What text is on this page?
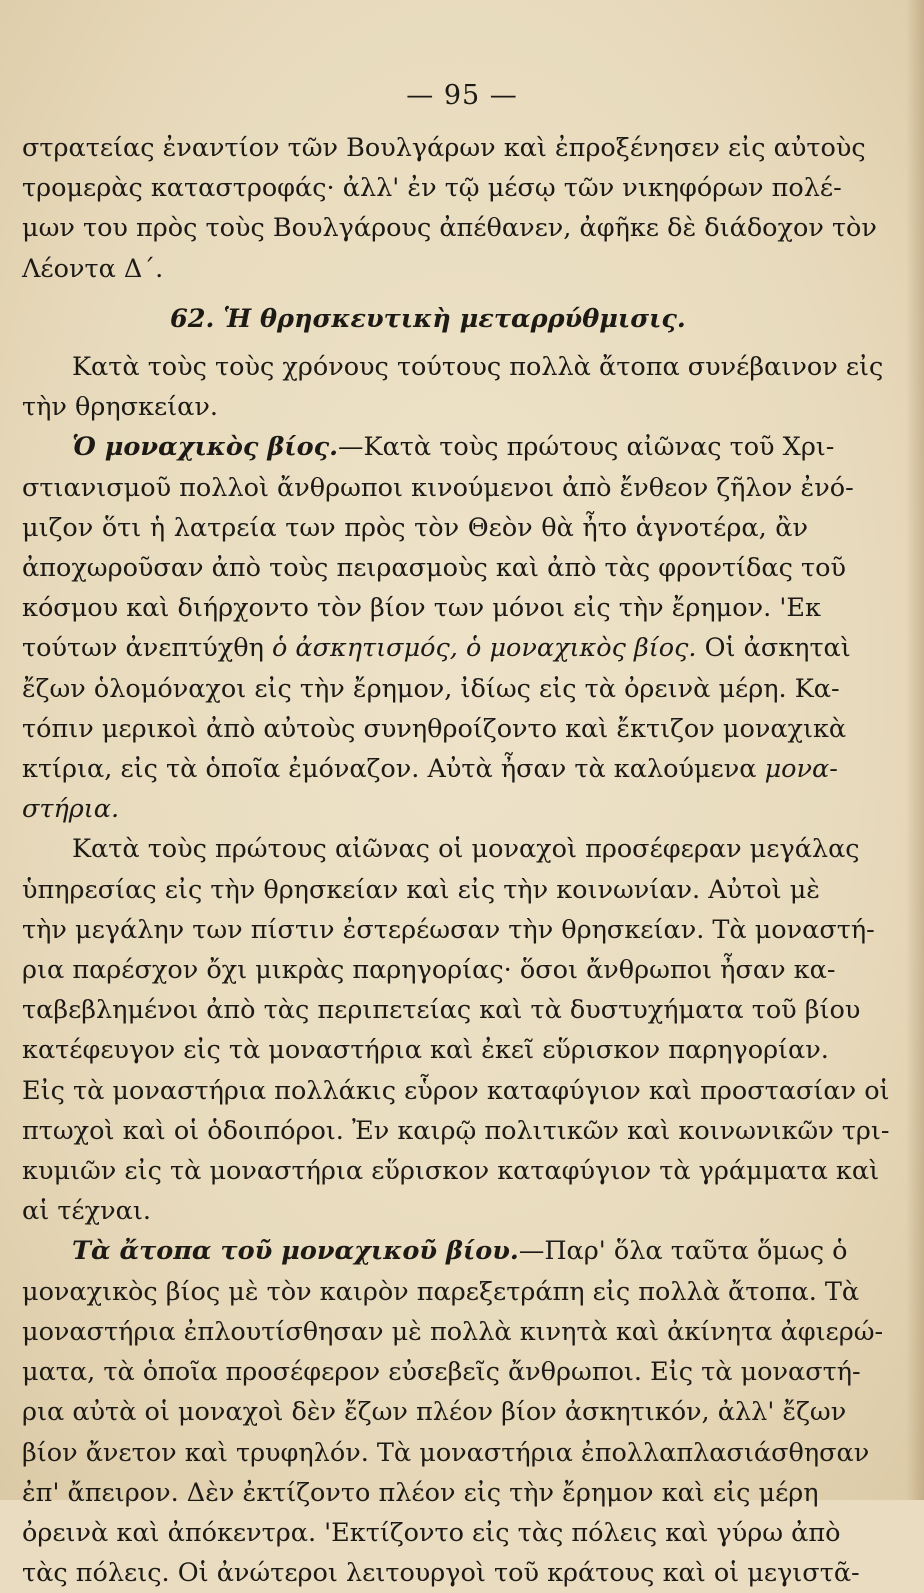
— 95 —
στρατείας ἐναντίον τῶν Βουλγάρων καὶ ἐπροξένησεν εἰς αὐτοὺς
τρομερὰς καταστροφάς· ἀλλ' ἐν τῷ μέσῳ τῶν νικηφόρων πολέ-
μων του πρὸς τοὺς Βουλγάρους ἀπέθανεν, ἀφῆκε δὲ διάδοχον τὸν
Λέοντα Δ΄.
62. Ἡ θρησκευτικὴ μεταρρύθμισις.
Κατὰ τοὺς τοὺς χρόνους τούτους πολλὰ ἄτοπα συνέβαινον εἰς
τὴν θρησκείαν.
Ὁ μοναχικὸς βίος.—Κατὰ τοὺς πρώτους αἰῶνας τοῦ Χρι-
στιανισμοῦ πολλοὶ ἄνθρωποι κινούμενοι ἀπὸ ἔνθεον ζῆλον ἐνό-
μιζον ὅτι ἡ λατρεία των πρὸς τὸν Θεὸν θὰ ἦτο ἁγνοτέρα, ἂν
ἀποχωροῦσαν ἀπὸ τοὺς πειρασμοὺς καὶ ἀπὸ τὰς φροντίδας τοῦ
κόσμου καὶ διήρχοντο τὸν βίον των μόνοι εἰς τὴν ἔρημον. 'Εκ
τούτων ἀνεπτύχθη ὁ ἀσκητισμός, ὁ μοναχικὸς βίος. Οἱ ἀσκηταὶ
ἔζων ὁλομόναχοι εἰς τὴν ἔρημον, ἰδίως εἰς τὰ ὀρεινὰ μέρη. Κα-
τόπιν μερικοὶ ἀπὸ αὐτοὺς συνηθροίζοντο καὶ ἔκτιζον μοναχικὰ
κτίρια, εἰς τὰ ὁποῖα ἐμόναζον. Αὐτὰ ἦσαν τὰ καλούμενα μονα-
στήρια.
Κατὰ τοὺς πρώτους αἰῶνας οἱ μοναχοὶ προσέφεραν μεγάλας
ὑπηρεσίας εἰς τὴν θρησκείαν καὶ εἰς τὴν κοινωνίαν. Αὐτοὶ μὲ
τὴν μεγάλην των πίστιν ἐστερέωσαν τὴν θρησκείαν. Τὰ μοναστή-
ρια παρέσχον ὄχι μικρὰς παρηγορίας· ὅσοι ἄνθρωποι ἦσαν κα-
ταβεβλημένοι ἀπὸ τὰς περιπετείας καὶ τὰ δυστυχήματα τοῦ βίου
κατέφευγον εἰς τὰ μοναστήρια καὶ ἐκεῖ εὕρισκον παρηγορίαν.
Εἰς τὰ μοναστήρια πολλάκις εὗρον καταφύγιον καὶ προστασίαν οἱ
πτωχοὶ καὶ οἱ ὁδοιπόροι. Ἐν καιρῷ πολιτικῶν καὶ κοινωνικῶν τρι-
κυμιῶν εἰς τὰ μοναστήρια εὕρισκον καταφύγιον τὰ γράμματα καὶ
αἱ τέχναι.
Τὰ ἄτοπα τοῦ μοναχικοῦ βίου.—Παρ' ὅλα ταῦτα ὅμως ὁ
μοναχικὸς βίος μὲ τὸν καιρὸν παρεξετράπη εἰς πολλὰ ἄτοπα. Τὰ
μοναστήρια ἐπλουτίσθησαν μὲ πολλὰ κινητὰ καὶ ἀκίνητα ἀφιερώ-
ματα, τὰ ὁποῖα προσέφερον εὐσεβεῖς ἄνθρωποι. Εἰς τὰ μοναστή-
ρια αὐτὰ οἱ μοναχοὶ δὲν ἔζων πλέον βίον ἀσκητικόν, ἀλλ' ἔζων
βίον ἄνετον καὶ τρυφηλόν. Τὰ μοναστήρια ἐπολλαπλασιάσθησαν
ἐπ' ἄπειρον. Δὲν ἐκτίζοντο πλέον εἰς τὴν ἔρημον καὶ εἰς μέρη
ὀρεινὰ καὶ ἀπόκεντρα. 'Εκτίζοντο εἰς τὰς πόλεις καὶ γύρω ἀπὸ
τὰς πόλεις. Οἱ ἀνώτεροι λειτουργοὶ τοῦ κράτους καὶ οἱ μεγιστᾶ-
